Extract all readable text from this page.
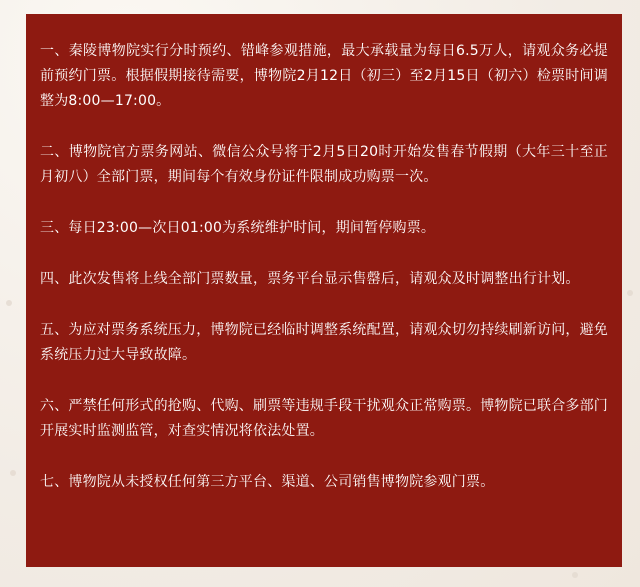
一、秦陵博物院实行分时预约、错峰参观措施，最大承载量为每日6.5万人，请观众务必提前预约门票。根据假期接待需要，博物院2月12日（初三）至2月15日（初六）检票时间调整为8:00—17:00。

二、博物院官方票务网站、微信公众号将于2月5日20时开始发售春节假期（大年三十至正月初八）全部门票，期间每个有效身份证件限制成功购票一次。

三、每日23:00—次日01:00为系统维护时间，期间暂停购票。

四、此次发售将上线全部门票数量，票务平台显示售罄后，请观众及时调整出行计划。

五、为应对票务系统压力，博物院已经临时调整系统配置，请观众切勿持续刷新访问，避免系统压力过大导致故障。

六、严禁任何形式的抢购、代购、刷票等违规手段干扰观众正常购票。博物院已联合多部门开展实时监测监管，对查实情况将依法处置。

七、博物院从未授权任何第三方平台、渠道、公司销售博物院参观门票。
